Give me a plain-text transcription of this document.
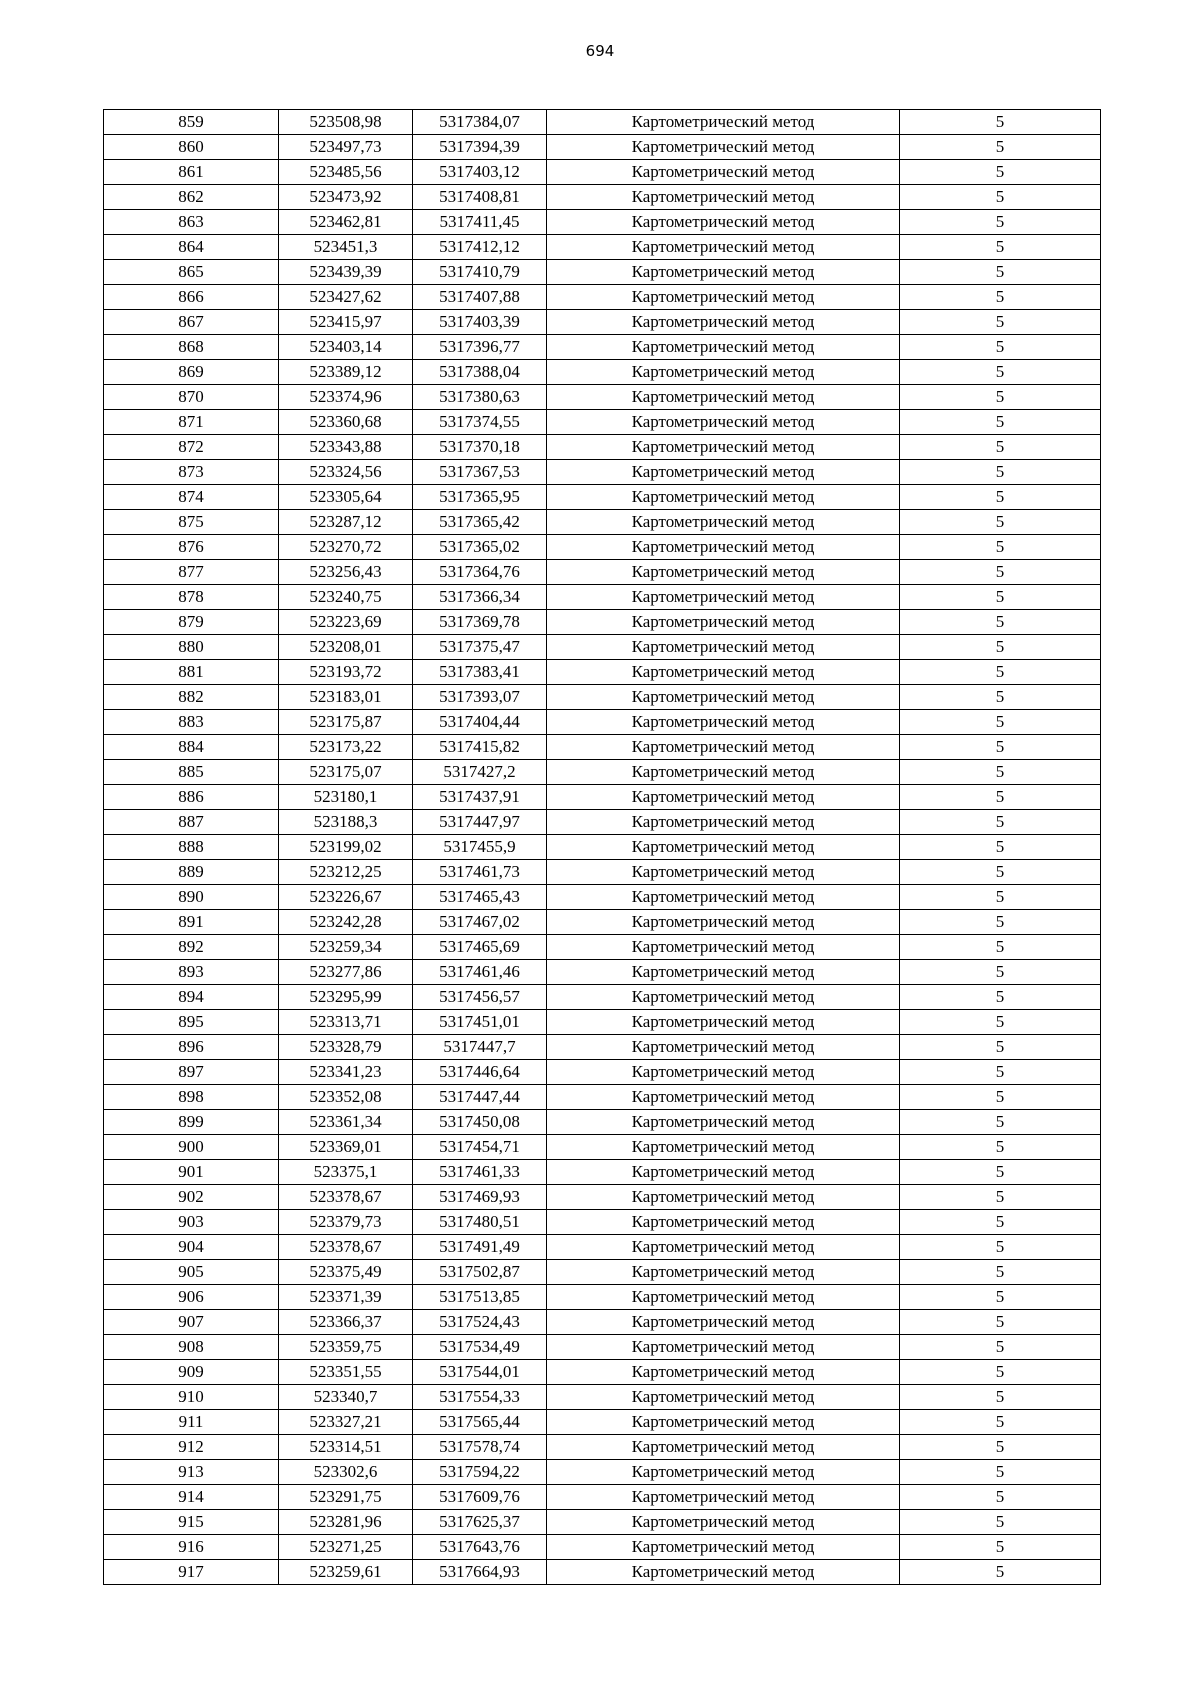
694
859	523508,98	5317384,07	Картометрический метод	5
860	523497,73	5317394,39	Картометрический метод	5
861	523485,56	5317403,12	Картометрический метод	5
862	523473,92	5317408,81	Картометрический метод	5
863	523462,81	5317411,45	Картометрический метод	5
864	523451,3	5317412,12	Картометрический метод	5
865	523439,39	5317410,79	Картометрический метод	5
866	523427,62	5317407,88	Картометрический метод	5
867	523415,97	5317403,39	Картометрический метод	5
868	523403,14	5317396,77	Картометрический метод	5
869	523389,12	5317388,04	Картометрический метод	5
870	523374,96	5317380,63	Картометрический метод	5
871	523360,68	5317374,55	Картометрический метод	5
872	523343,88	5317370,18	Картометрический метод	5
873	523324,56	5317367,53	Картометрический метод	5
874	523305,64	5317365,95	Картометрический метод	5
875	523287,12	5317365,42	Картометрический метод	5
876	523270,72	5317365,02	Картометрический метод	5
877	523256,43	5317364,76	Картометрический метод	5
878	523240,75	5317366,34	Картометрический метод	5
879	523223,69	5317369,78	Картометрический метод	5
880	523208,01	5317375,47	Картометрический метод	5
881	523193,72	5317383,41	Картометрический метод	5
882	523183,01	5317393,07	Картометрический метод	5
883	523175,87	5317404,44	Картометрический метод	5
884	523173,22	5317415,82	Картометрический метод	5
885	523175,07	5317427,2	Картометрический метод	5
886	523180,1	5317437,91	Картометрический метод	5
887	523188,3	5317447,97	Картометрический метод	5
888	523199,02	5317455,9	Картометрический метод	5
889	523212,25	5317461,73	Картометрический метод	5
890	523226,67	5317465,43	Картометрический метод	5
891	523242,28	5317467,02	Картометрический метод	5
892	523259,34	5317465,69	Картометрический метод	5
893	523277,86	5317461,46	Картометрический метод	5
894	523295,99	5317456,57	Картометрический метод	5
895	523313,71	5317451,01	Картометрический метод	5
896	523328,79	5317447,7	Картометрический метод	5
897	523341,23	5317446,64	Картометрический метод	5
898	523352,08	5317447,44	Картометрический метод	5
899	523361,34	5317450,08	Картометрический метод	5
900	523369,01	5317454,71	Картометрический метод	5
901	523375,1	5317461,33	Картометрический метод	5
902	523378,67	5317469,93	Картометрический метод	5
903	523379,73	5317480,51	Картометрический метод	5
904	523378,67	5317491,49	Картометрический метод	5
905	523375,49	5317502,87	Картометрический метод	5
906	523371,39	5317513,85	Картометрический метод	5
907	523366,37	5317524,43	Картометрический метод	5
908	523359,75	5317534,49	Картометрический метод	5
909	523351,55	5317544,01	Картометрический метод	5
910	523340,7	5317554,33	Картометрический метод	5
911	523327,21	5317565,44	Картометрический метод	5
912	523314,51	5317578,74	Картометрический метод	5
913	523302,6	5317594,22	Картометрический метод	5
914	523291,75	5317609,76	Картометрический метод	5
915	523281,96	5317625,37	Картометрический метод	5
916	523271,25	5317643,76	Картометрический метод	5
917	523259,61	5317664,93	Картометрический метод	5
